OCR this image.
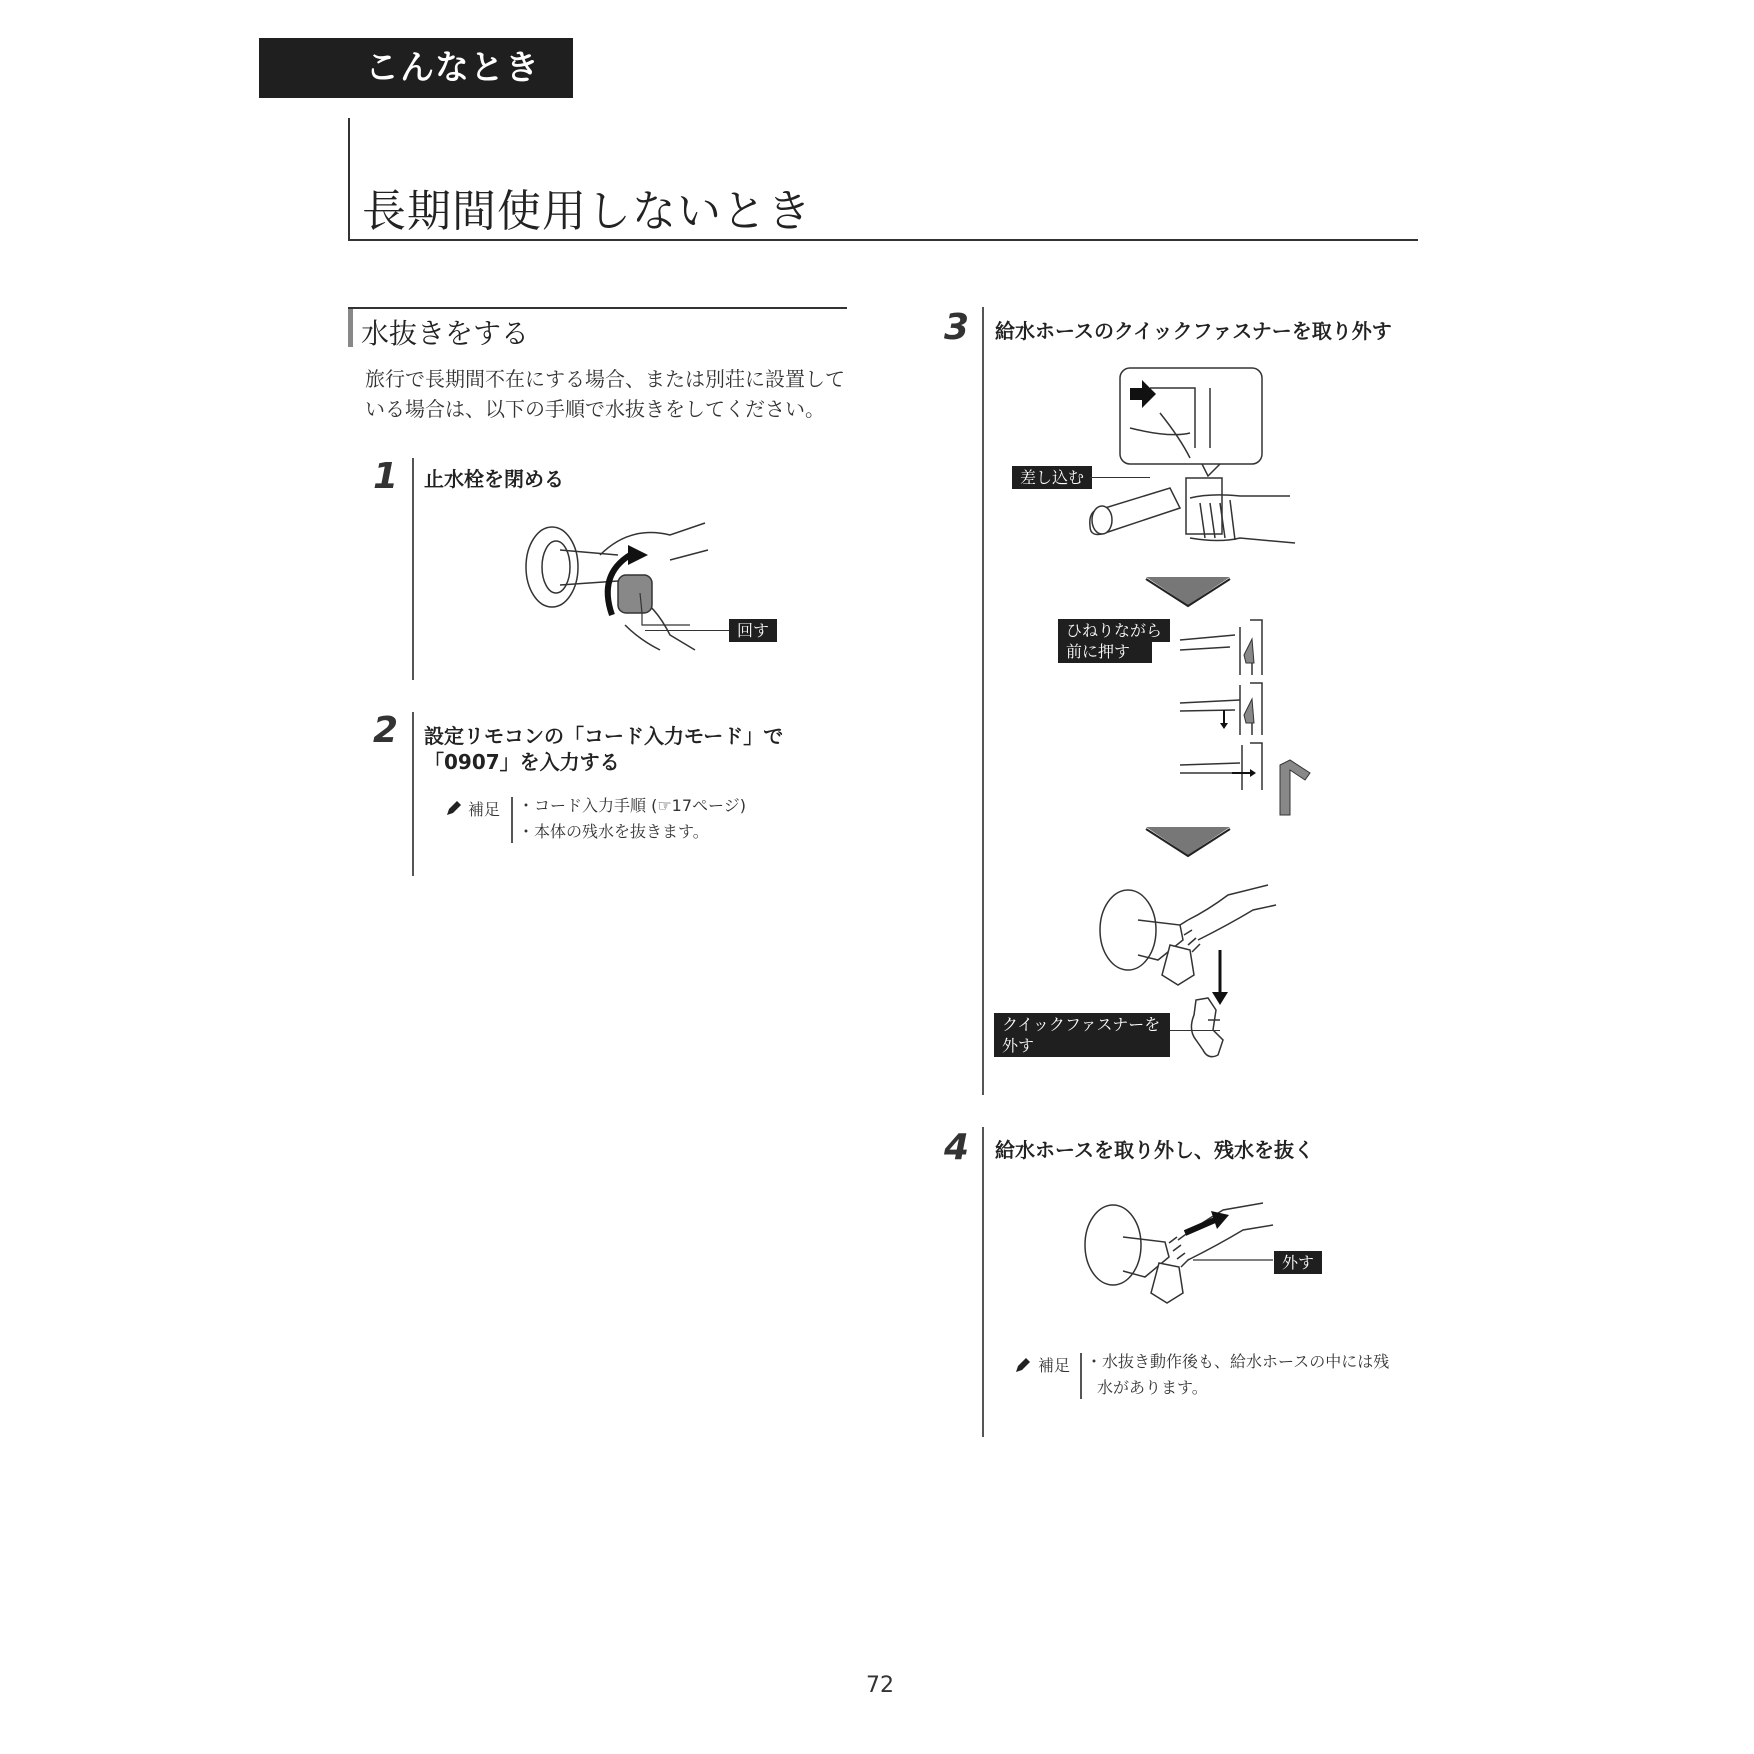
こんなときは
長期間使用しないとき
水抜きをする
旅行で長期間不在にする場合、または別荘に設置している場合は、以下の手順で水抜きをしてください。
1 止水栓を閉める
回す
2 設定リモコンの「コード入力モード」で
「0907」を入力する
補足 ・コード入力手順 (☞17ページ)
・本体の残水を抜きます。
3 給水ホースのクイックファスナーを取り外す
差し込む
ひねりながら
前に押す
クイックファスナーを
外す
4 給水ホースを取り外し、残水を抜く
外す
補足 ・水抜き動作後も、給水ホースの中には残
水があります。
72
